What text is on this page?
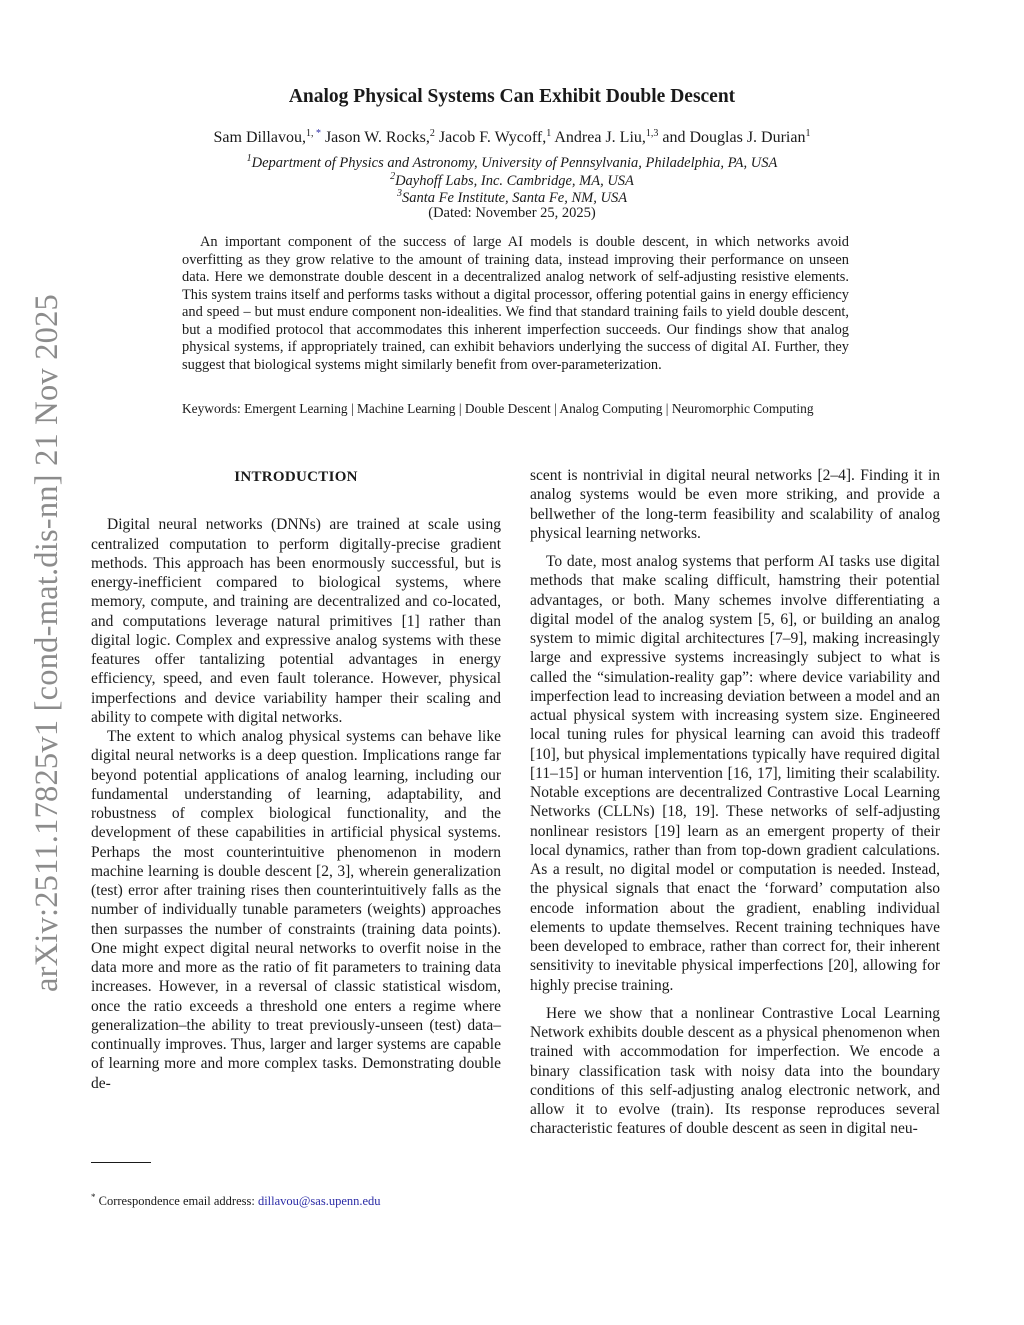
arXiv:2511.17825v1 [cond-mat.dis-nn] 21 Nov 2025
Analog Physical Systems Can Exhibit Double Descent
Sam Dillavou,$^{1, *}$ Jason W. Rocks,$^2$ Jacob F. Wycoff,$^1$ Andrea J. Liu,$^{1,3}$ and Douglas J. Durian$^1$
$^1$Department of Physics and Astronomy, University of Pennsylvania, Philadelphia, PA, USA
$^2$Dayhoff Labs, Inc. Cambridge, MA, USA
$^3$Santa Fe Institute, Santa Fe, NM, USA
(Dated: November 25, 2025)

An important component of the success of large AI models is double descent, in which networks avoid overfitting as they grow relative to the amount of training data, instead improving their performance on unseen data. Here we demonstrate double descent in a decentralized analog network of self-adjusting resistive elements. This system trains itself and performs tasks without a digital processor, offering potential gains in energy efficiency and speed – but must endure component non-idealities. We find that standard training fails to yield double descent, but a modified protocol that accommodates this inherent imperfection succeeds. Our findings show that analog physical systems, if appropriately trained, can exhibit behaviors underlying the success of digital AI. Further, they suggest that biological systems might similarly benefit from over-parameterization.

Keywords: Emergent Learning | Machine Learning | Double Descent | Analog Computing | Neuromorphic Computing

INTRODUCTION

Digital neural networks (DNNs) are trained at scale using centralized computation to perform digitally-precise gradient methods. This approach has been enormously successful, but is energy-inefficient compared to biological systems, where memory, compute, and training are decentralized and co-located, and computations leverage natural primitives [1] rather than digital logic. Complex and expressive analog systems with these features offer tantalizing potential advantages in energy efficiency, speed, and even fault tolerance. However, physical imperfections and device variability hamper their scaling and ability to compete with digital networks.

The extent to which analog physical systems can behave like digital neural networks is a deep question. Implications range far beyond potential applications of analog learning, including our fundamental understanding of learning, adaptability, and robustness of complex biological functionality, and the development of these capabilities in artificial physical systems. Perhaps the most counterintuitive phenomenon in modern machine learning is double descent [2, 3], wherein generalization (test) error after training rises then counterintuitively falls as the number of individually tunable parameters (weights) approaches then surpasses the number of constraints (training data points). One might expect digital neural networks to overfit noise in the data more and more as the ratio of fit parameters to training data increases. However, in a reversal of classic statistical wisdom, once the ratio exceeds a threshold one enters a regime where generalization–the ability to treat previously-unseen (test) data–continually improves. Thus, larger and larger systems are capable of learning more and more complex tasks. Demonstrating double de-

scent is nontrivial in digital neural networks [2–4]. Finding it in analog systems would be even more striking, and provide a bellwether of the long-term feasibility and scalability of analog physical learning networks.

To date, most analog systems that perform AI tasks use digital methods that make scaling difficult, hamstring their potential advantages, or both. Many schemes involve differentiating a digital model of the analog system [5, 6], or building an analog system to mimic digital architectures [7–9], making increasingly large and expressive systems increasingly subject to what is called the “simulation-reality gap”: where device variability and imperfection lead to increasing deviation between a model and an actual physical system with increasing system size. Engineered local tuning rules for physical learning can avoid this tradeoff [10], but physical implementations typically have required digital [11–15] or human intervention [16, 17], limiting their scalability. Notable exceptions are decentralized Contrastive Local Learning Networks (CLLNs) [18, 19]. These networks of self-adjusting nonlinear resistors [19] learn as an emergent property of their local dynamics, rather than from top-down gradient calculations. As a result, no digital model or computation is needed. Instead, the physical signals that enact the ‘forward’ computation also encode information about the gradient, enabling individual elements to update themselves. Recent training techniques have been developed to embrace, rather than correct for, their inherent sensitivity to inevitable physical imperfections [20], allowing for highly precise training.

Here we show that a nonlinear Contrastive Local Learning Network exhibits double descent as a physical phenomenon when trained with accommodation for imperfection. We encode a binary classification task with noisy data into the boundary conditions of this self-adjusting analog electronic network, and allow it to evolve (train). Its response reproduces several characteristic features of double descent as seen in digital neu-

* Correspondence email address: dillavou@sas.upenn.edu
